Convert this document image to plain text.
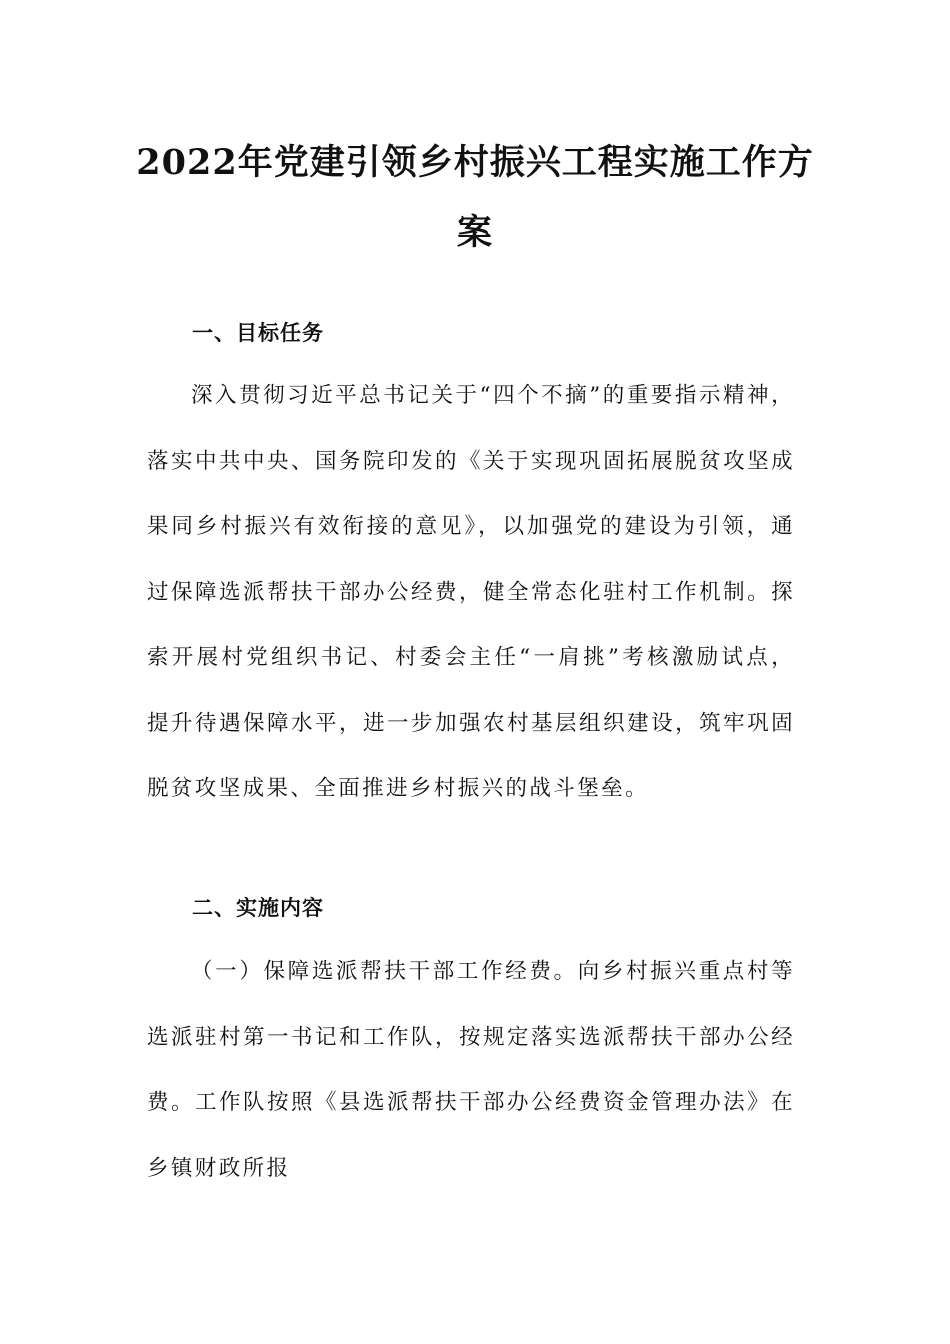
2022年党建引领乡村振兴工程实施工作方案
一、目标任务

深入贯彻习近平总书记关于“四个不摘”的重要指示精神，落实中共中央、国务院印发的《关于实现巩固拓展脱贫攻坚成果同乡村振兴有效衔接的意见》，以加强党的建设为引领，通过保障选派帮扶干部办公经费，健全常态化驻村工作机制。探索开展村党组织书记、村委会主任“一肩挑”考核激励试点，提升待遇保障水平，进一步加强农村基层组织建设，筑牢巩固脱贫攻坚成果、全面推进乡村振兴的战斗堡垒。

二、实施内容

（一）保障选派帮扶干部工作经费。向乡村振兴重点村等选派驻村第一书记和工作队，按规定落实选派帮扶干部办公经费。工作队按照《县选派帮扶干部办公经费资金管理办法》在乡镇财政所报
